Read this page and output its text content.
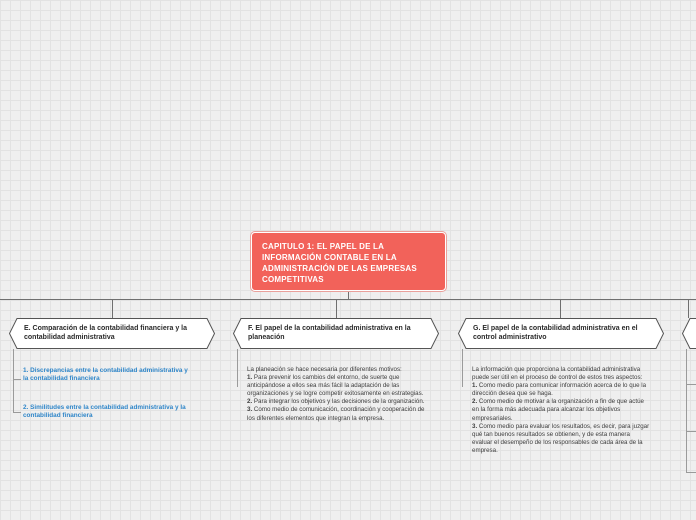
CAPITULO 1: EL PAPEL DE LA INFORMACIÓN CONTABLE EN LA ADMINISTRACIÓN DE LAS EMPRESAS COMPETITIVAS
E. Comparación de la contabilidad financiera y la contabilidad administrativa
1. Discrepancias entre la contabilidad administrativa y la contabilidad financiera
2. Similitudes entre la contabilidad administrativa y la contabilidad financiera
F. El papel de la contabilidad administrativa en la planeación
La planeación se hace necesaria por diferentes motivos:
1. Para prevenir los cambios del entorno, de suerte que anticipándose a ellos sea más fácil la adaptación de las organizaciones y se logre competir exitosamente en estrategias.
2. Para integrar los objetivos y las decisiones de la organización.
3. Como medio de comunicación, coordinación y cooperación de los diferentes elementos que integran la empresa.
G. El papel de la contabilidad administrativa en el control administrativo
La información que proporciona la contabilidad administrativa puede ser útil en el proceso de control de estos tres aspectos:
1. Como medio para comunicar información acerca de lo que la dirección desea que se haga.
2. Como medio de motivar a la organización a fin de que actúe en la forma más adecuada para alcanzar los objetivos empresariales.
3. Como medio para evaluar los resultados, es decir, para juzgar qué tan buenos resultados se obtienen, y de esta manera evaluar el desempeño de los responsables de cada área de la empresa.
